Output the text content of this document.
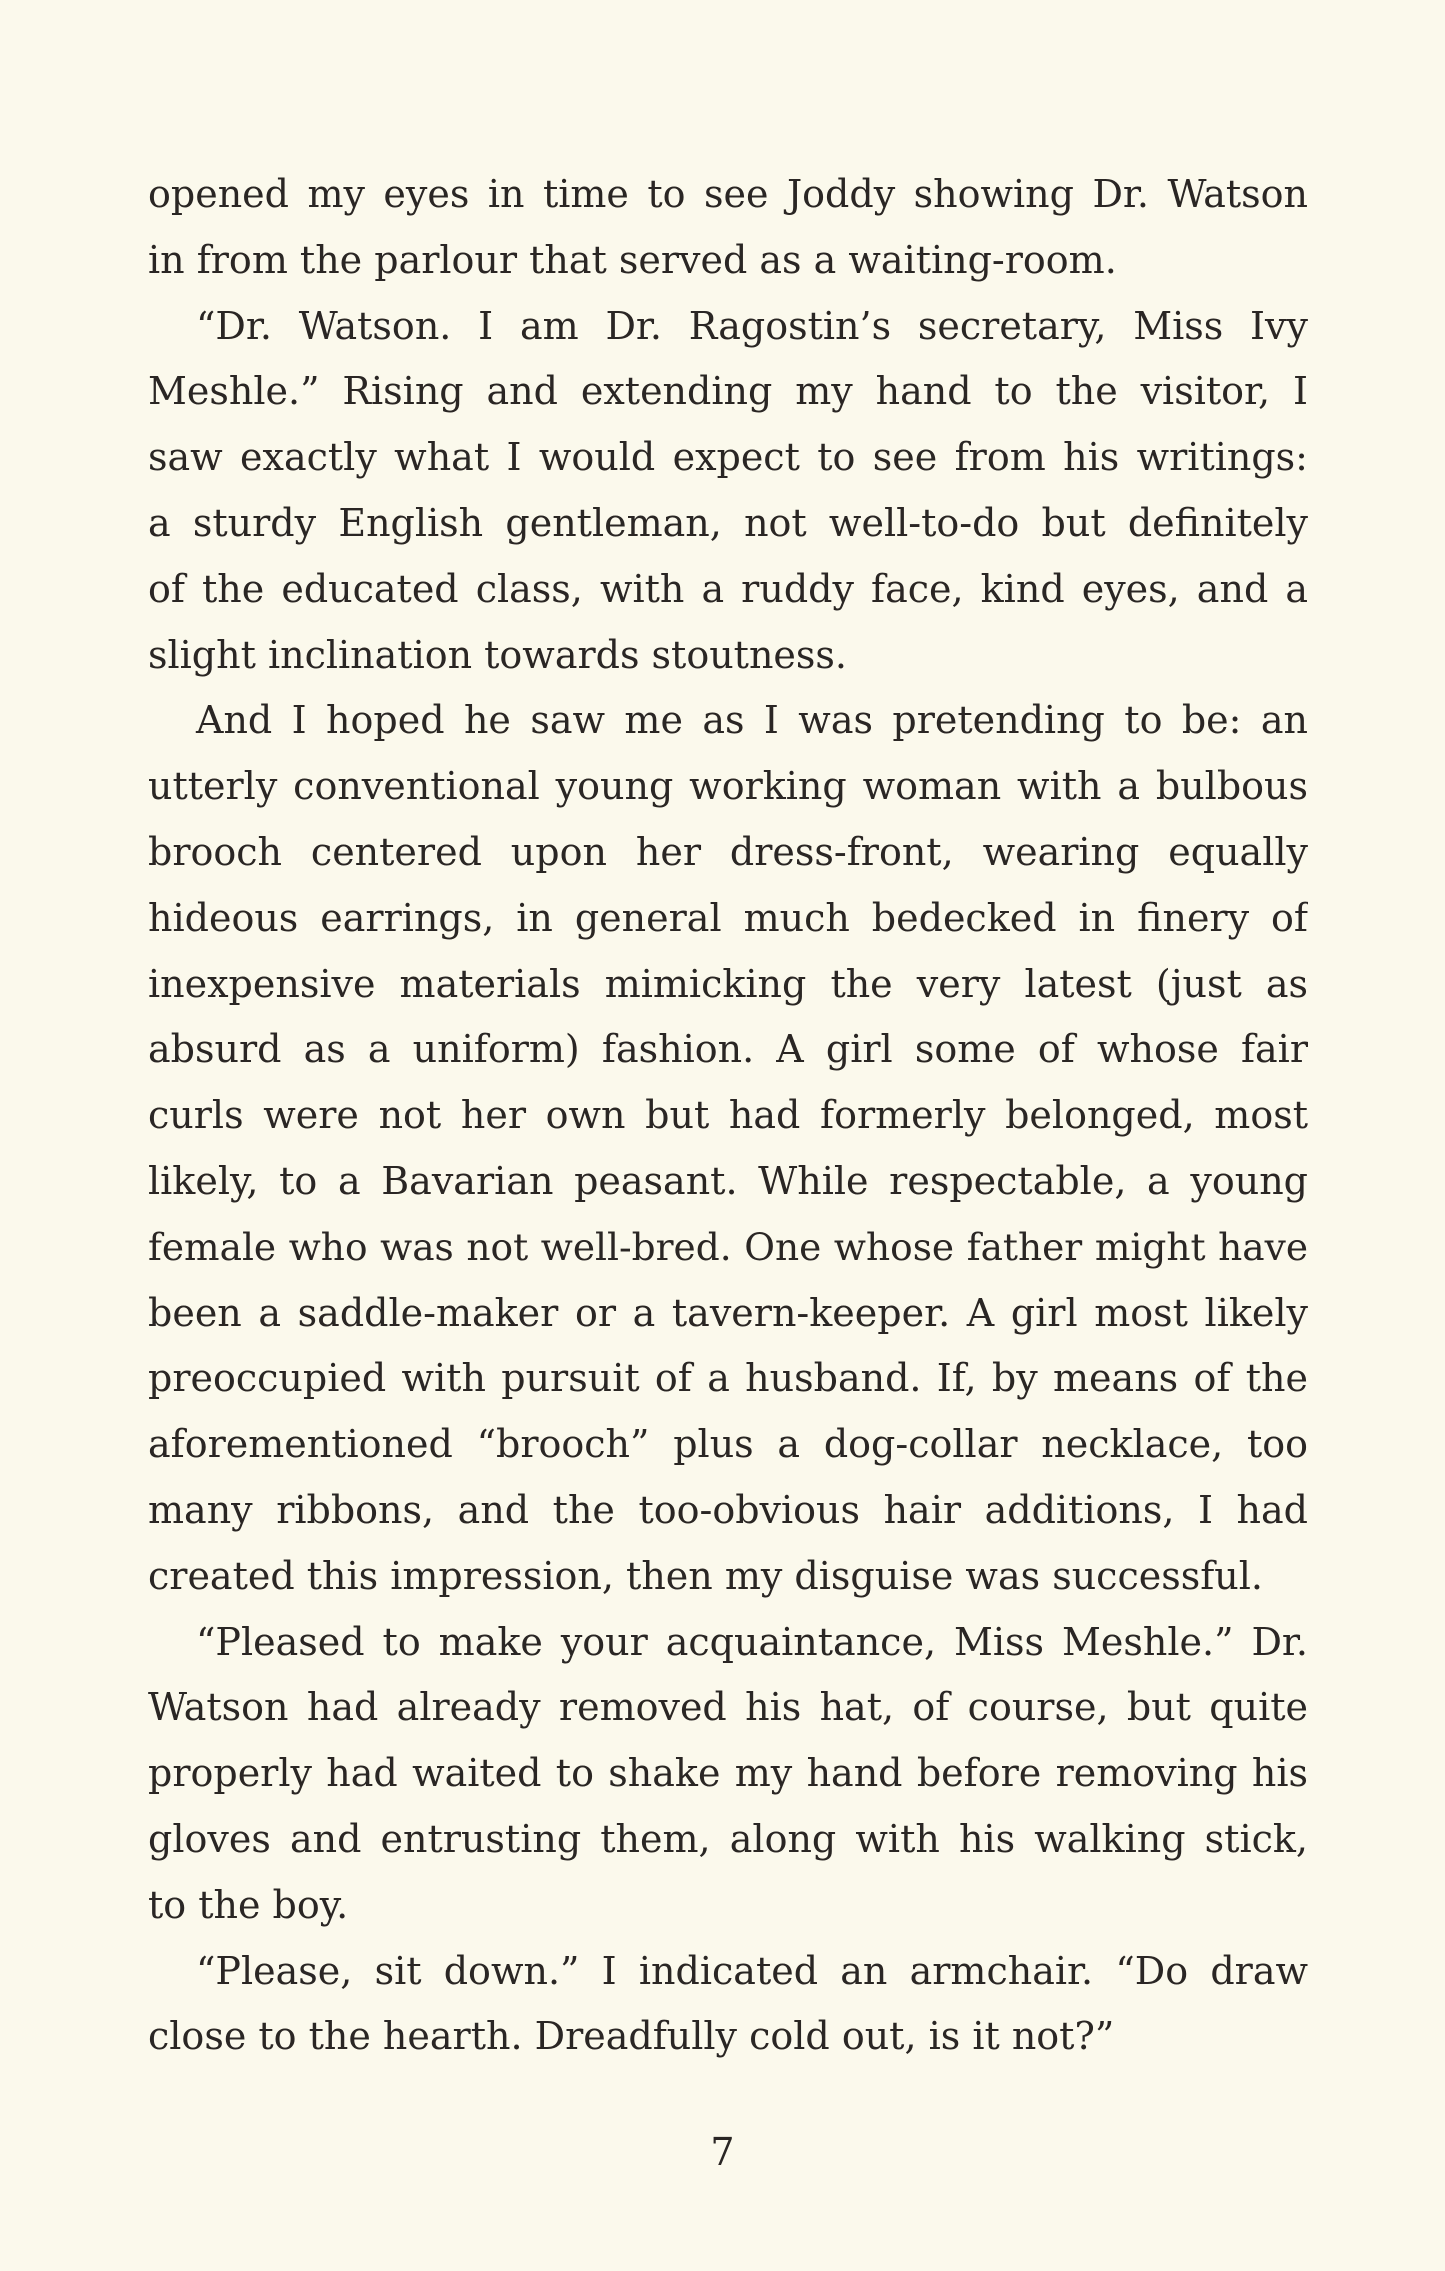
opened my eyes in time to see Joddy showing Dr. Watson
in from the parlour that served as a waiting-room.
“Dr. Watson. I am Dr. Ragostin’s secretary, Miss Ivy
Meshle.” Rising and extending my hand to the visitor, I
saw exactly what I would expect to see from his writings:
a sturdy English gentleman, not well-to-do but definitely
of the educated class, with a ruddy face, kind eyes, and a
slight inclination towards stoutness.
And I hoped he saw me as I was pretending to be: an
utterly conventional young working woman with a bulbous
brooch centered upon her dress-front, wearing equally
hideous earrings, in general much bedecked in finery of
inexpensive materials mimicking the very latest (just as
absurd as a uniform) fashion. A girl some of whose fair
curls were not her own but had formerly belonged, most
likely, to a Bavarian peasant. While respectable, a young
female who was not well-bred. One whose father might have
been a saddle-maker or a tavern-keeper. A girl most likely
preoccupied with pursuit of a husband. If, by means of the
aforementioned “brooch” plus a dog-collar necklace, too
many ribbons, and the too-obvious hair additions, I had
created this impression, then my disguise was successful.
“Pleased to make your acquaintance, Miss Meshle.” Dr.
Watson had already removed his hat, of course, but quite
properly had waited to shake my hand before removing his
gloves and entrusting them, along with his walking stick,
to the boy.
“Please, sit down.” I indicated an armchair. “Do draw
close to the hearth. Dreadfully cold out, is it not?”
7
